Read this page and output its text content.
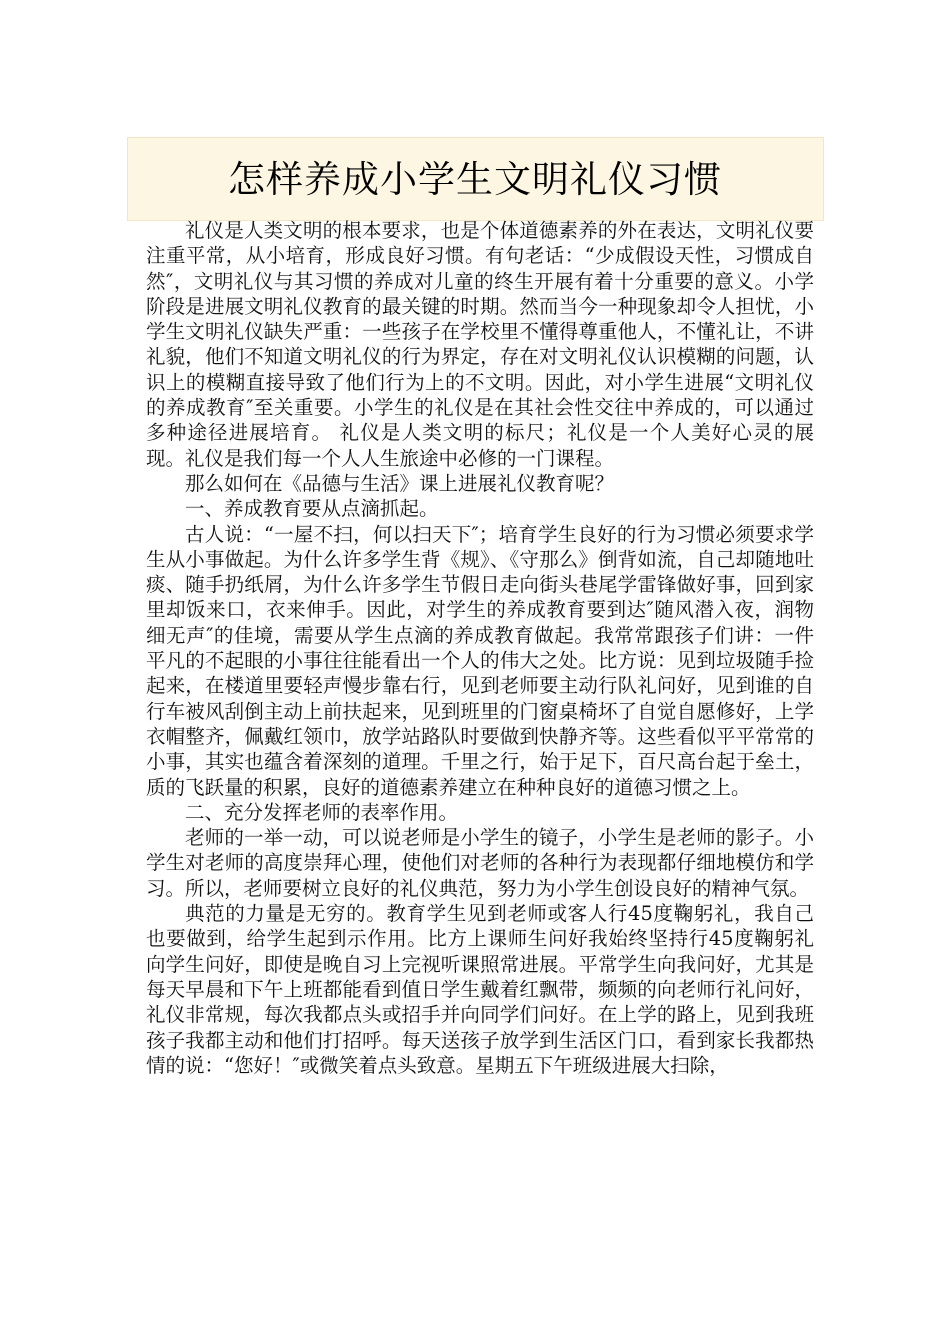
怎样养成小学生文明礼仪习惯

礼仪是人类文明的根本要求，也是个体道德素养的外在表达，文明礼仪要注重平常，从小培育，形成良好习惯。有句老话：“少成假设天性，习惯成自然″，文明礼仪与其习惯的养成对儿童的终生开展有着十分重要的意义。小学阶段是进展文明礼仪教育的最关键的时期。然而当今一种现象却令人担忧，小学生文明礼仪缺失严重：一些孩子在学校里不懂得尊重他人，不懂礼让，不讲礼貌，他们不知道文明礼仪的行为界定，存在对文明礼仪认识模糊的问题，认识上的模糊直接导致了他们行为上的不文明。因此，对小学生进展“文明礼仪的养成教育″至关重要。小学生的礼仪是在其社会性交往中养成的，可以通过多种途径进展培育。 礼仪是人类文明的标尺；礼仪是一个人美好心灵的展现。礼仪是我们每一个人人生旅途中必修的一门课程。

那么如何在《品德与生活》课上进展礼仪教育呢？

一、养成教育要从点滴抓起。

古人说：“一屋不扫，何以扫天下″；培育学生良好的行为习惯必须要求学生从小事做起。为什么许多学生背《规》、《守那么》倒背如流，自己却随地吐痰、随手扔纸屑，为什么许多学生节假日走向街头巷尾学雷锋做好事，回到家里却饭来口，衣来伸手。因此，对学生的养成教育要到达″随风潜入夜，润物细无声″的佳境，需要从学生点滴的养成教育做起。我常常跟孩子们讲：一件平凡的不起眼的小事往往能看出一个人的伟大之处。比方说：见到垃圾随手捡起来，在楼道里要轻声慢步靠右行，见到老师要主动行队礼问好，见到谁的自行车被风刮倒主动上前扶起来，见到班里的门窗桌椅坏了自觉自愿修好，上学衣帽整齐，佩戴红领巾，放学站路队时要做到快静齐等。这些看似平平常常的小事，其实也蕴含着深刻的道理。千里之行，始于足下，百尺高台起于垒土，质的飞跃量的积累，良好的道德素养建立在种种良好的道德习惯之上。

二、充分发挥老师的表率作用。

老师的一举一动，可以说老师是小学生的镜子，小学生是老师的影子。小学生对老师的高度崇拜心理，使他们对老师的各种行为表现都仔细地模仿和学习。所以，老师要树立良好的礼仪典范，努力为小学生创设良好的精神气氛。

典范的力量是无穷的。教育学生见到老师或客人行45度鞠躬礼，我自己也要做到，给学生起到示作用。比方上课师生问好我始终坚持行45度鞠躬礼向学生问好，即使是晚自习上完视听课照常进展。平常学生向我问好，尤其是每天早晨和下午上班都能看到值日学生戴着红飘带，频频的向老师行礼问好，礼仪非常规，每次我都点头或招手并向同学们问好。在上学的路上，见到我班孩子我都主动和他们打招呼。每天送孩子放学到生活区门口，看到家长我都热情的说：“您好！″或微笑着点头致意。星期五下午班级进展大扫除，
